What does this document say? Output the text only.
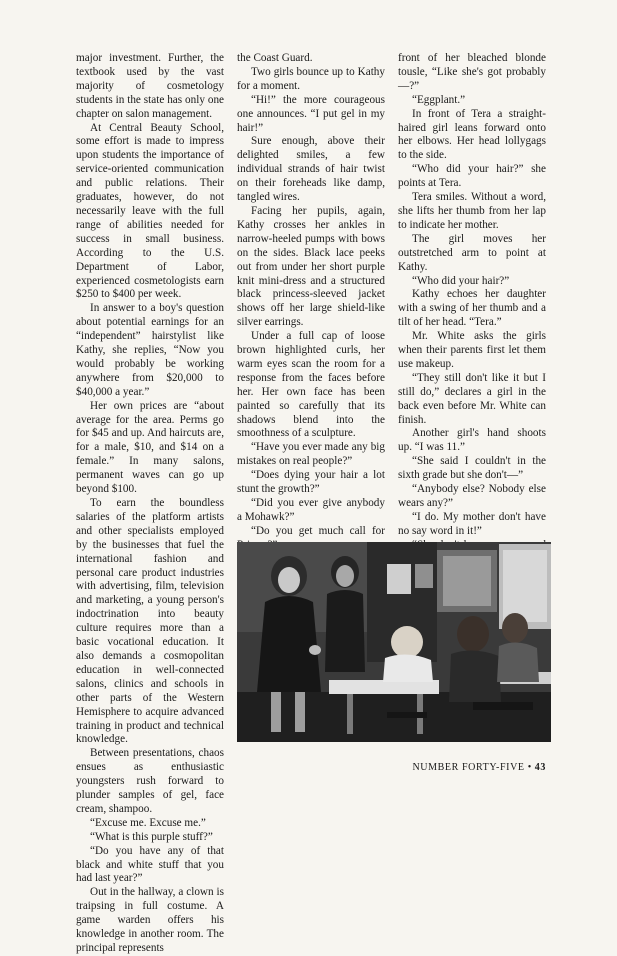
major investment. Further, the textbook used by the vast majority of cosmetology students in the state has only one chapter on salon management.

At Central Beauty School, some effort is made to impress upon students the importance of service-oriented communication and public relations. Their graduates, however, do not necessarily leave with the full range of abilities needed for success in small business. According to the U.S. Department of Labor, experienced cosmetologists earn $250 to $400 per week.

In answer to a boy's question about potential earnings for an “independent” hairstylist like Kathy, she replies, “Now you would probably be working anywhere from $20,000 to $40,000 a year.”

Her own prices are “about average for the area. Perms go for $45 and up. And haircuts are, for a male, $10, and $14 on a female.” In many salons, permanent waves can go up beyond $100.

To earn the boundless salaries of the platform artists and other specialists employed by the businesses that fuel the international fashion and personal care product industries with advertising, film, television and marketing, a young person's indoctrination into beauty culture requires more than a basic vocational education. It also demands a cosmopolitan education in well-connected salons, clinics and schools in other parts of the Western Hemisphere to acquire advanced training in product and technical knowledge.

Between presentations, chaos ensues as enthusiastic youngsters rush forward to plunder samples of gel, face cream, shampoo.

“Excuse me. Excuse me.”

“What is this purple stuff?”

“Do you have any of that black and white stuff that you had last year?”

Out in the hallway, a clown is traipsing in full costume. A game warden offers his knowledge in another room. The principal represents

the Coast Guard.

Two girls bounce up to Kathy for a moment.

“Hi!” the more courageous one announces. “I put gel in my hair!”

Sure enough, above their delighted smiles, a few individual strands of hair twist on their foreheads like damp, tangled wires.

Facing her pupils, again, Kathy crosses her ankles in narrow-heeled pumps with bows on the sides. Black lace peeks out from under her short purple knit mini-dress and a structured black princess-sleeved jacket shows off her large shield-like silver earrings.

Under a full cap of loose brown highlighted curls, her warm eyes scan the room for a response from the faces before her. Her own face has been painted so carefully that its shadows blend into the smoothness of a sculpture.

“Have you ever made any big mistakes on real people?”

“Does dying your hair a lot stunt the growth?”

“Did you ever give anybody a Mohawk?”

“Do you get much call for

front of her bleached blonde tousle, “Like she's got probably—?”

“Eggplant.”

In front of Tera a straight-haired girl leans forward onto her elbows. Her head lollygags to the side.

“Who did your hair?” she points at Tera.

Tera smiles. Without a word, she lifts her thumb from her lap to indicate her mother.

The girl moves her outstretched arm to point at Kathy.

“Who did your hair?”

Kathy echoes her daughter with a swing of her thumb and a tilt of her head. “Tera.”

Mr. White asks the girls when their parents first let them use makeup.

“They still don't like it but I still do,” declares a girl in the back even before Mr. White can finish.

Another girl's hand shoots up. “I was 11.”

“She said I couldn't in the sixth grade but she don't—”

“Anybody else? Nobody else wears any?”

“I do. My mother don't have no say word in it!”

NUMBER FORTY-FIVE • 43
